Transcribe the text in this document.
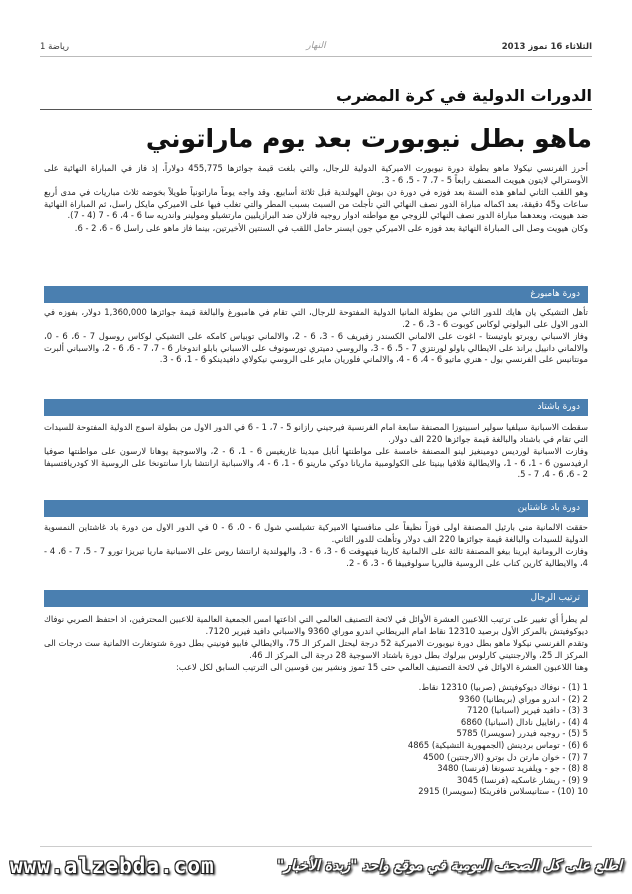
الثلاثاء 16 تموز 2013
النهار
رياضة 1
الدورات الدولية في كرة المضرب
ماهو بطل نيوبورت بعد يوم ماراتوني

أحرز الفرنسي نيكولا ماهو بطولة دورة نيوبورت الاميركية الدولية للرجال، والتي بلغت قيمة جوائزها 455,775 دولاراً، إذ فاز في المباراة النهائية على الأوسترالي لايتون هيويت المصنف رابعاً 5 - 7، 7 - 5، 6 - 3.

وهو اللقب الثاني لماهو هذه السنة بعد فوزه في دورة دن بوش الهولندية قبل ثلاثة أسابيع. وقد واجه يوماً ماراتونياً طويلاً بخوضه ثلاث مباريات في مدى أربع ساعات و45 دقيقة، بعد اكماله مباراة الدور نصف النهائي التي تأجلت من السبت بسبب المطر والتي تغلب فيها على الاميركي مايكل راسل، ثم المباراة النهائية ضد هيويت، وبعدهما مباراة الدور نصف النهائي للزوجي مع مواطنه ادوار روجيه فازلان ضد البرازيليين مارتشيلو ومولينر واندريه سا 6 - 4، 6 - 7 (4 - 7).

وكان هيويت وصل الى المباراة النهائية بعد فوزه على الاميركي جون ايسنر حامل اللقب في السنتين الأخيرتين، بينما فاز ماهو على راسل 6 - 6، 2 - 6.

دورة هامبورغ

تأهل التشيكي يان هايك للدور الثاني من بطولة المانيا الدولية المفتوحة للرجال، التي تقام في هامبورغ والبالغة قيمة جوائزها 1,360,000 دولار، بفوزه في الدور الاول على البولوني لوكاس كوبوت 6 - 3، 6 - 2.

وفاز الاسباني روبرتو باوتيستا - اغوت على الالماني الكسندر زفيريف 6 - 3، 6 - 2، والالماني توبياس كامكه على التشيكي لوكاس روسول 7 - 6، 6 - 0، والالماني دانييل برانذ على الايطالي باولو لورنتزي 7 - 5، 6 - 3، والروسي دميتري تورسونوف على الاسباني بابلو اندوخار 6 - 7، 7 - 6، 6 - 2، والاسباني ألبرت مونتانيس على الفرنسي بول - هنري ماتيو 6 - 4، 6 - 4، والالماني فلوريان ماير على الروسي نيكولاي دافيدينكو 6 - 1، 6 - 3.

دورة باشتاد

سقطت الاسبانية سيلفيا سولير اسبينوزا المصنفة سابعة امام الفرنسية فيرجيني رازانو 5 - 7، 1 - 6 في الدور الاول من بطولة اسوج الدولية المفتوحة للسيدات التي تقام في باشتاد والبالغة قيمة جوائزها 220 الف دولار.

وفازت الاسبانية لورديس دومينغيز لينو المصنفة خامسة على مواطنتها أنابل ميدينا غاريغيس 6 - 1، 6 - 2، والاسوجية يوهانا لارسون على مواطنتها صوفيا ارفيدسون 6 - 1، 6 - 1، والايطالية فلافيا بينيتا على الكولومبية ماريانا دوكي مارينو 6 - 1، 6 - 4، والاسبانية ارانتشا بارا سانتونخا على الروسية الا كودريافتسيفا 2 - 6، 6 - 4، 7 - 5.

دورة باد غاشتاين

حققت الالمانية مني بارثيل المصنفة اولى فوزاً نظيفاً على منافستها الاميركية تشيلسي شول 6 - 0، 6 - 0 في الدور الاول من دورة باد غاشتاين النمسوية الدولية للسيدات والبالغة قيمة جوائزها 220 الف دولار وتأهلت للدور الثاني.

وفازت الرومانية ايرينا بيغو المصنفة ثالثة على الالمانية كارينا فيتهوفت 6 - 3، 6 - 3، والهولندية ارانتشا روس على الاسبانية ماريا تيريزا تورو 7 - 5، 7 - 6، 4 - 4، والايطالية كارين كناب على الروسية فاليريا سولوفييفا 6 - 3، 6 - 2.

ترتيب الرجال

لم يطرأ أي تغيير على ترتيب اللاعبين العشرة الأوائل في لائحة التصنيف العالمي التي اذاعتها امس الجمعية العالمية للاعبين المحترفين، اذ احتفظ الصربي نوفاك ديوكوفيتش بالمركز الأول برصيد 12310 نقاط امام البريطاني اندرو موراي 9360 والاسباني دافيد فيرير 7120.

وتقدم الفرنسي نيكولا ماهو بطل دورة نيوبورت الاميركية 52 درجة ليحتل المركز الـ 75، والايطالي فابيو فونيني بطل دورة شتوتغارت الالمانية ست درجات الى المركز الـ 25، والارجنتيني كارلوس بيرلوك بطل دورة باشتاد الاسوجية 28 درجة الى المركز الـ 46.

وهنا اللاعبون العشرة الاوائل في لائحة التصنيف العالمي حتى 15 تموز ونشير بين قوسين الى الترتيب السابق لكل لاعب:

1 (1) - نوفاك ديوكوفيتش (صربيا) 12310 نقاط.
2 (2) - اندرو موراي (بريطانيا) 9360
3 (3) - دافيد فيرير (اسبانيا) 7120
4 (4) - رافاييل نادال (اسبانيا) 6860
5 (5) - روجيه فيدرر (سويسرا) 5785
6 (6) - توماس بردينش (الجمهورية التشيكية) 4865
7 (7) - خوان مارتن دل بوترو (الارجنتين) 4500
8 (8) - جو - ويلفريد تسونغا (فرنسا) 3480
9 (9) - ريشار غاسكيه (فرنسا) 3045
10 (10) - ستانيسلاس فافرينكا (سويسرا) 2915
www.alzebda.com	اطلع على كل الصحف اليومية في موقع واحد "زبدة الأخبار"
